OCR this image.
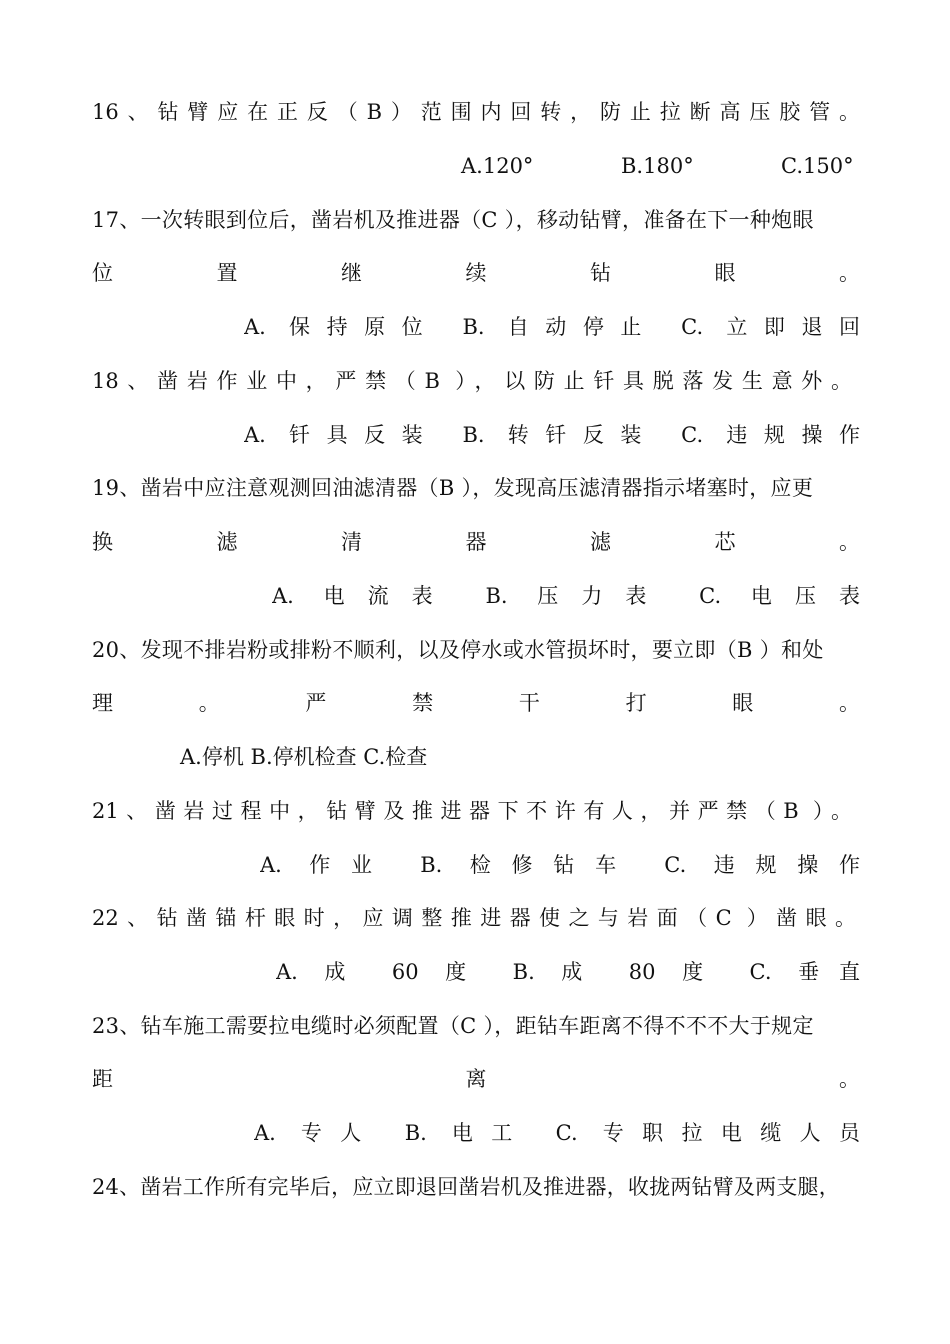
16、钻臂应在正反（B）范围内回转，防止拉断高压胶管。
A.120°	B.180°	C.150°
17、一次转眼到位后，凿岩机及推进器（C ），移动钻臂，准备在下一种炮眼
位置继续钻眼。
A. 保持原位 B. 自动停止 C. 立即退回
18、凿岩作业中，严禁（B ），以防止钎具脱落发生意外。
A. 钎具反装 B. 转钎反装 C. 违规操作
19、凿岩中应注意观测回油滤清器（B ），发现高压滤清器指示堵塞时，应更
换滤清器滤芯。
A. 电流表 B. 压力表 C. 电压表
20、发现不排岩粉或排粉不顺利，以及停水或水管损坏时，要立即（B ）和处
理。严禁干打眼。
A.停机 B.停机检查 C.检查
21、凿岩过程中，钻臂及推进器下不许有人，并严禁（B ）。
A. 作业 B. 检修钻车 C. 违规操作
22、钻凿锚杆眼时，应调整推进器使之与岩面（C ）凿眼。
A. 成 60 度 B. 成 80 度 C. 垂直
23、钻车施工需要拉电缆时必须配置（C ），距钻车距离不得不不不大于规定
距离。
A. 专人 B. 电工 C. 专职拉电缆人员
24、凿岩工作所有完毕后，应立即退回凿岩机及推进器，收拢两钻臂及两支腿，
